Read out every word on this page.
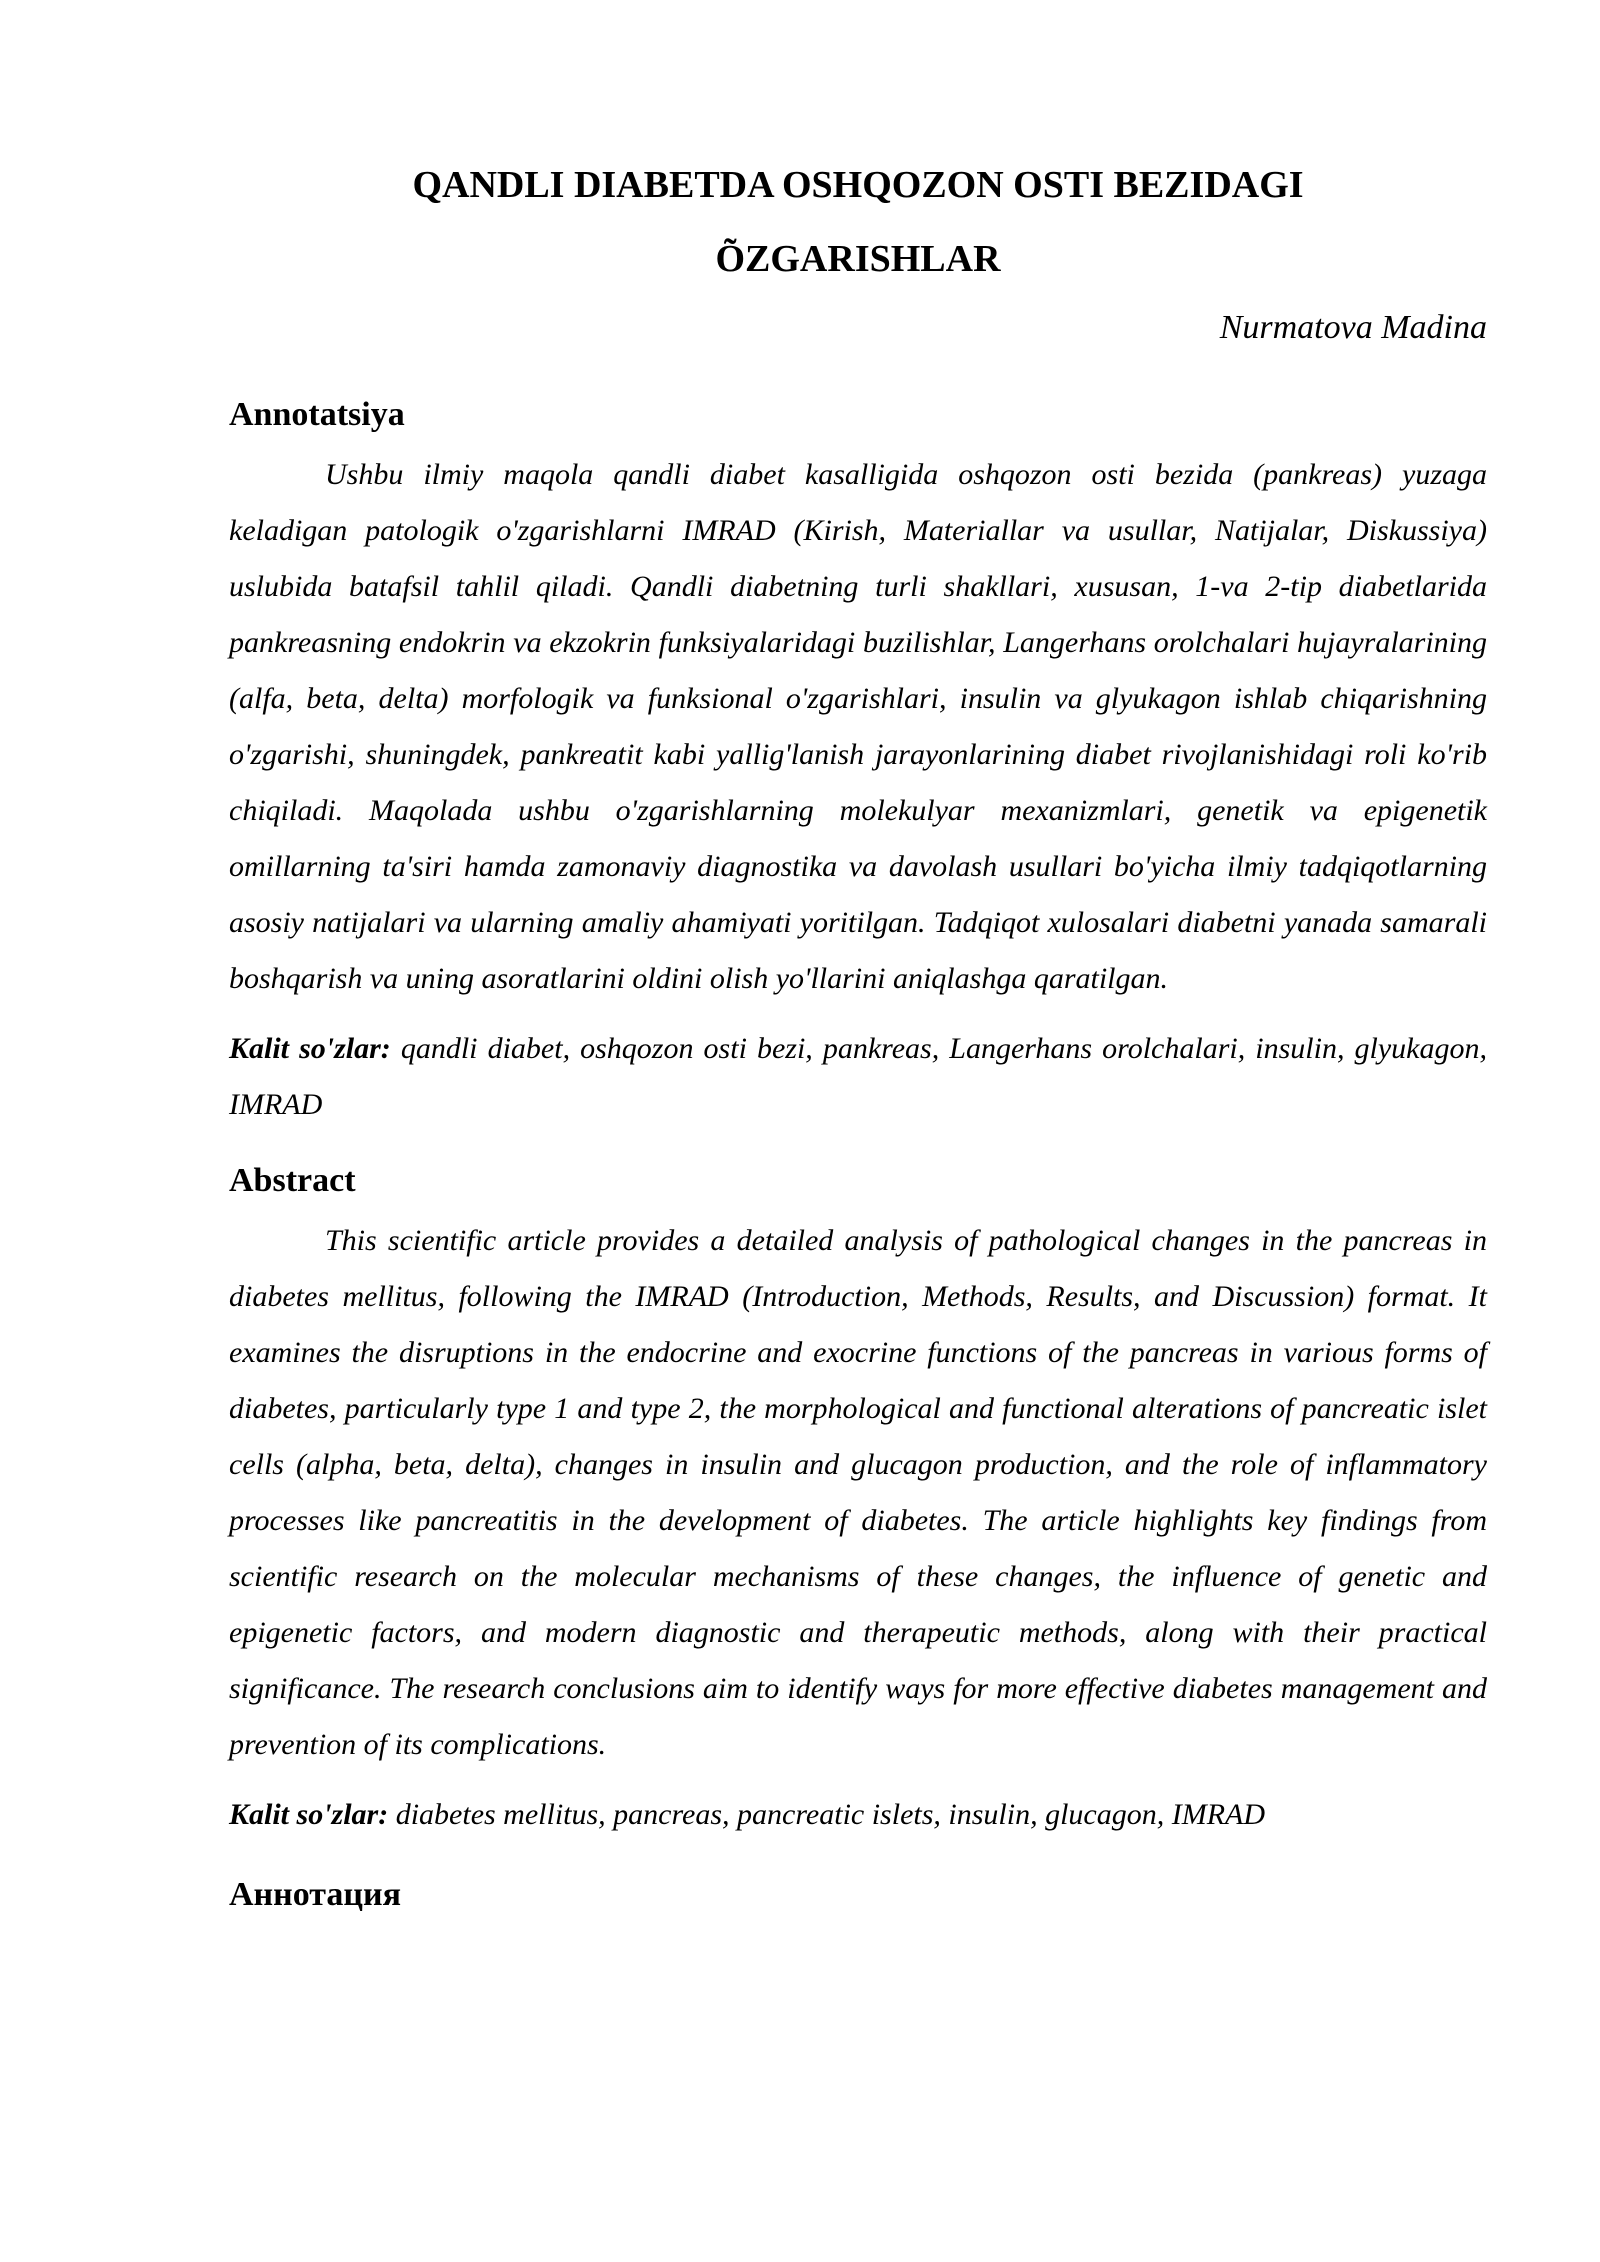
QANDLI DIABETDA OSHQOZON OSTI BEZIDAGI
ÕZGARISHLAR
Nurmatova Madina
Annotatsiya

Ushbu ilmiy maqola qandli diabet kasalligida oshqozon osti bezida (pankreas) yuzaga keladigan patologik o'zgarishlarni IMRAD (Kirish, Materiallar va usullar, Natijalar, Diskussiya) uslubida batafsil tahlil qiladi. Qandli diabetning turli shakllari, xususan, 1-va 2-tip diabetlarida pankreasning endokrin va ekzokrin funksiyalaridagi buzilishlar, Langerhans orolchalari hujayralarining (alfa, beta, delta) morfologik va funksional o'zgarishlari, insulin va glyukagon ishlab chiqarishning o'zgarishi, shuningdek, pankreatit kabi yallig'lanish jarayonlarining diabet rivojlanishidagi roli ko'rib chiqiladi. Maqolada ushbu o'zgarishlarning molekulyar mexanizmlari, genetik va epigenetik omillarning ta'siri hamda zamonaviy diagnostika va davolash usullari bo'yicha ilmiy tadqiqotlarning asosiy natijalari va ularning amaliy ahamiyati yoritilgan. Tadqiqot xulosalari diabetni yanada samarali boshqarish va uning asoratlarini oldini olish yo'llarini aniqlashga qaratilgan.

Kalit so'zlar: qandli diabet, oshqozon osti bezi, pankreas, Langerhans orolchalari, insulin, glyukagon, IMRAD

Abstract

This scientific article provides a detailed analysis of pathological changes in the pancreas in diabetes mellitus, following the IMRAD (Introduction, Methods, Results, and Discussion) format. It examines the disruptions in the endocrine and exocrine functions of the pancreas in various forms of diabetes, particularly type 1 and type 2, the morphological and functional alterations of pancreatic islet cells (alpha, beta, delta), changes in insulin and glucagon production, and the role of inflammatory processes like pancreatitis in the development of diabetes. The article highlights key findings from scientific research on the molecular mechanisms of these changes, the influence of genetic and epigenetic factors, and modern diagnostic and therapeutic methods, along with their practical significance. The research conclusions aim to identify ways for more effective diabetes management and prevention of its complications.

Kalit so'zlar: diabetes mellitus, pancreas, pancreatic islets, insulin, glucagon, IMRAD

Аннотация
